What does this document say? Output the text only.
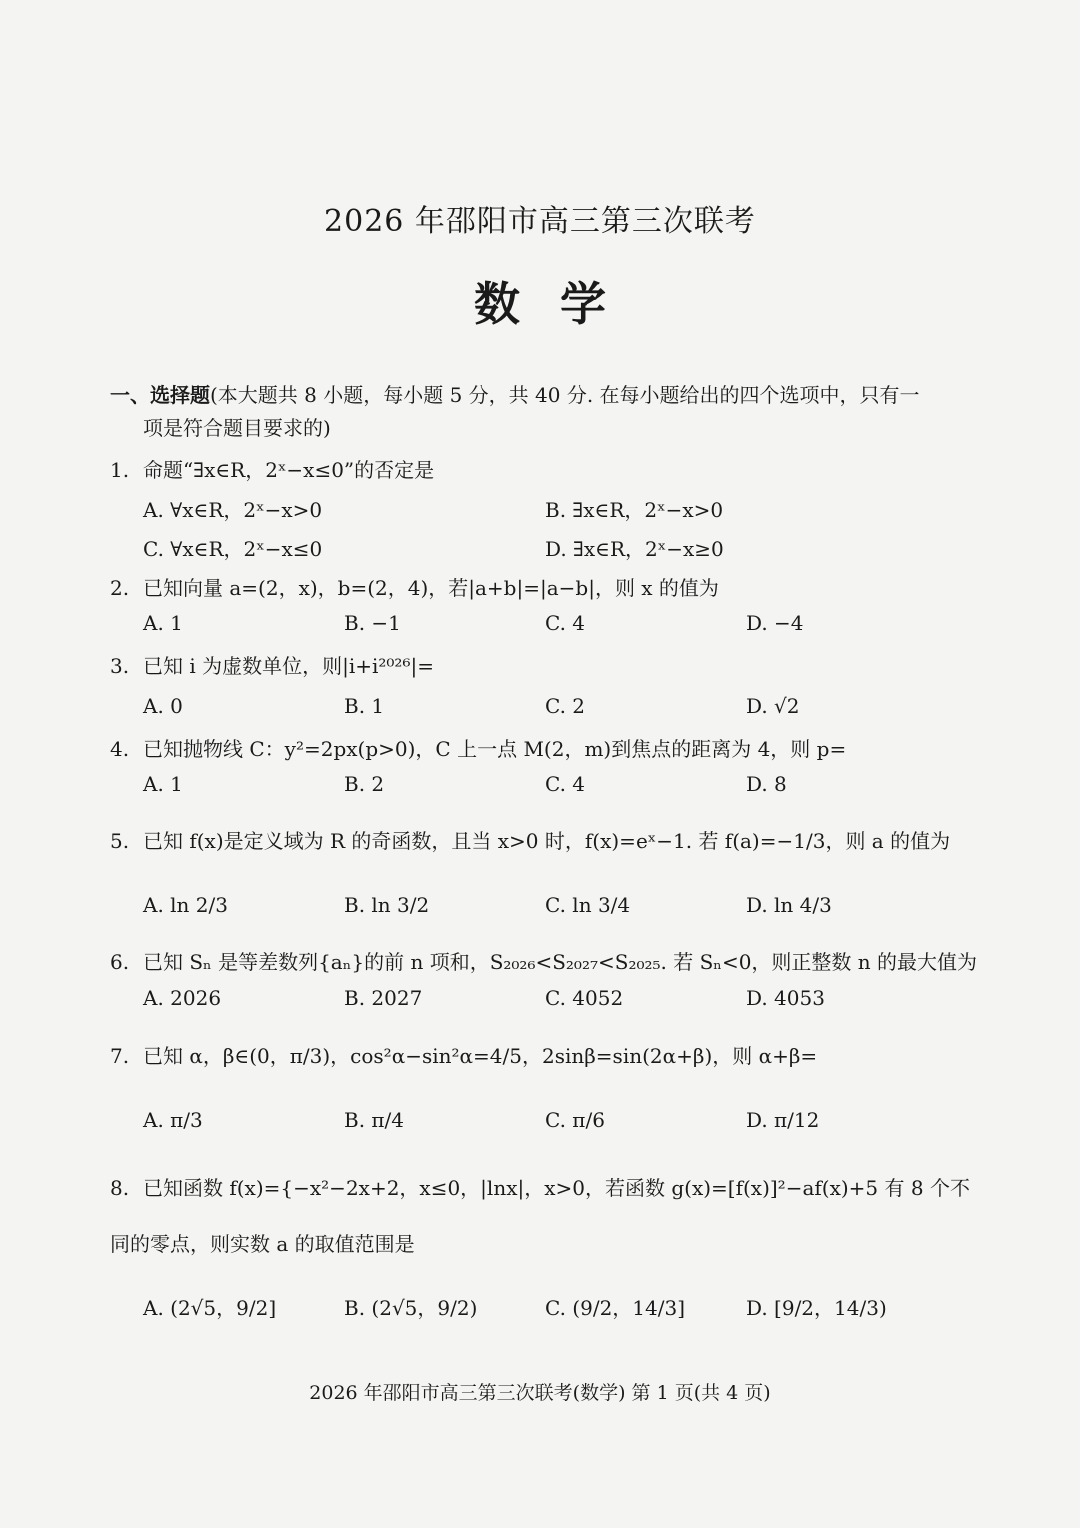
2026 年邵阳市高三第三次联考
数学
一、选择题(本大题共 8 小题，每小题 5 分，共 40 分. 在每小题给出的四个选项中，只有一
项是符合题目要求的)
1. 命题“∃x∈R，2ˣ−x≤0”的否定是
A. ∀x∈R，2ˣ−x>0	B. ∃x∈R，2ˣ−x>0
C. ∀x∈R，2ˣ−x≤0	D. ∃x∈R，2ˣ−x≥0
2. 已知向量 a=(2，x)，b=(2，4)，若|a+b|=|a−b|，则 x 的值为
A. 1	B. −1	C. 4	D. −4
3. 已知 i 为虚数单位，则|i+i²⁰²⁶|=
A. 0	B. 1	C. 2	D. √2
4. 已知抛物线 C：y²=2px(p>0)，C 上一点 M(2，m)到焦点的距离为 4，则 p=
A. 1	B. 2	C. 4	D. 8
5. 已知 f(x)是定义域为 R 的奇函数，且当 x>0 时，f(x)=eˣ−1. 若 f(a)=−1/3，则 a 的值为
A. ln 2/3	B. ln 3/2	C. ln 3/4	D. ln 4/3
6. 已知 Sₙ 是等差数列{aₙ}的前 n 项和，S₂₀₂₆<S₂₀₂₇<S₂₀₂₅. 若 Sₙ<0，则正整数 n 的最大值为
A. 2026	B. 2027	C. 4052	D. 4053
7. 已知 α，β∈(0，π/3)，cos²α−sin²α=4/5，2sinβ=sin(2α+β)，则 α+β=
A. π/3	B. π/4	C. π/6	D. π/12
8. 已知函数 f(x)={−x²−2x+2，x≤0，|lnx|，x>0，若函数 g(x)=[f(x)]²−af(x)+5 有 8 个不同的零点，则实数 a 的取值范围是
A. (2√5，9/2]	B. (2√5，9/2)	C. (9/2，14/3]	D. [9/2，14/3)
2026 年邵阳市高三第三次联考(数学) 第 1 页(共 4 页)
